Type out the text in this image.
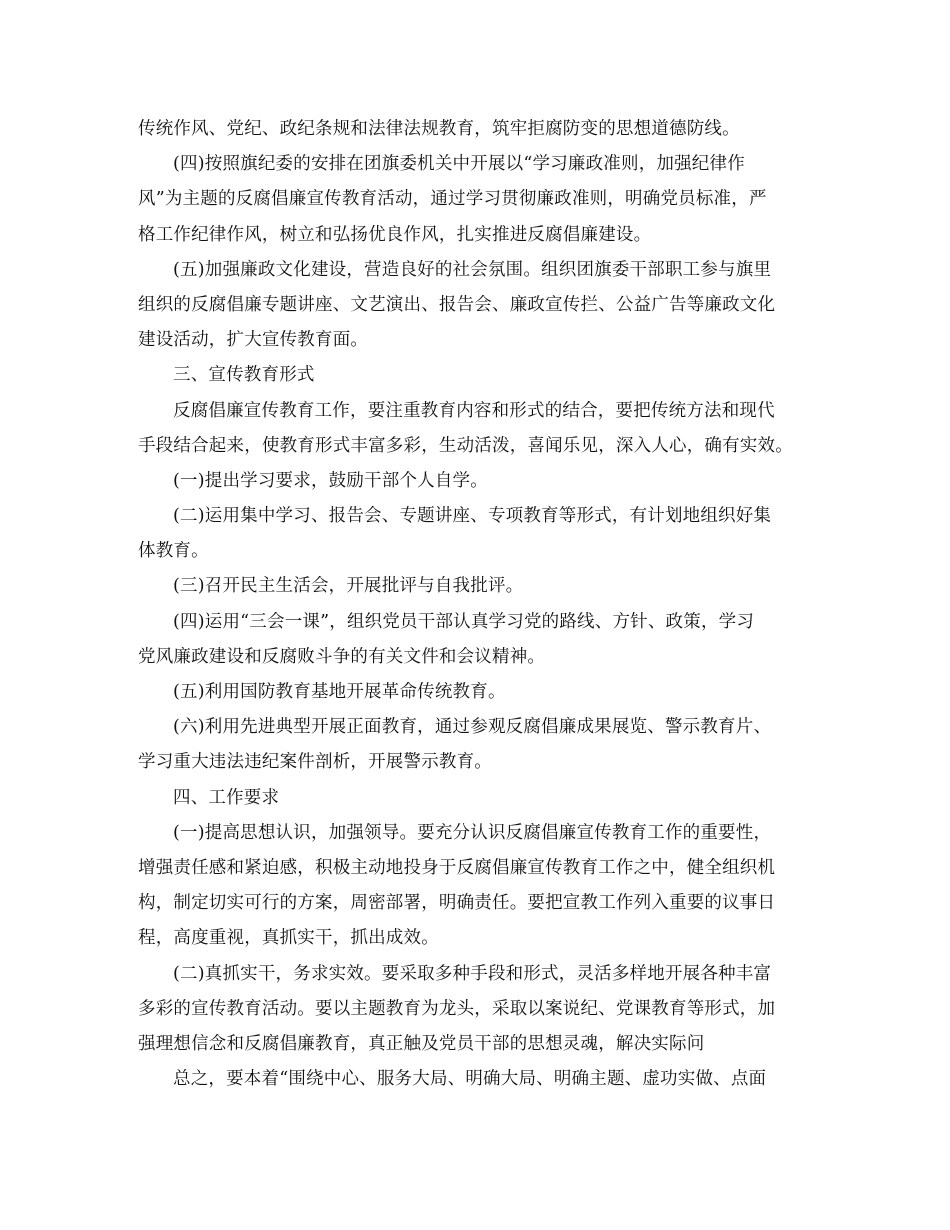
传统作风、党纪、政纪条规和法律法规教育，筑牢拒腐防变的思想道德防线。
(四)按照旗纪委的安排在团旗委机关中开展以“学习廉政准则，加强纪律作
风”为主题的反腐倡廉宣传教育活动，通过学习贯彻廉政准则，明确党员标准，严
格工作纪律作风，树立和弘扬优良作风，扎实推进反腐倡廉建设。
(五)加强廉政文化建设，营造良好的社会氛围。组织团旗委干部职工参与旗里
组织的反腐倡廉专题讲座、文艺演出、报告会、廉政宣传拦、公益广告等廉政文化
建设活动，扩大宣传教育面。
三、宣传教育形式
反腐倡廉宣传教育工作，要注重教育内容和形式的结合，要把传统方法和现代
手段结合起来，使教育形式丰富多彩，生动活泼，喜闻乐见，深入人心，确有实效。
(一)提出学习要求，鼓励干部个人自学。
(二)运用集中学习、报告会、专题讲座、专项教育等形式，有计划地组织好集
体教育。
(三)召开民主生活会，开展批评与自我批评。
(四)运用“三会一课”，组织党员干部认真学习党的路线、方针、政策，学习
党风廉政建设和反腐败斗争的有关文件和会议精神。
(五)利用国防教育基地开展革命传统教育。
(六)利用先进典型开展正面教育，通过参观反腐倡廉成果展览、警示教育片、
学习重大违法违纪案件剖析，开展警示教育。
四、工作要求
(一)提高思想认识，加强领导。要充分认识反腐倡廉宣传教育工作的重要性，
增强责任感和紧迫感，积极主动地投身于反腐倡廉宣传教育工作之中，健全组织机
构，制定切实可行的方案，周密部署，明确责任。要把宣教工作列入重要的议事日
程，高度重视，真抓实干，抓出成效。
(二)真抓实干，务求实效。要采取多种手段和形式，灵活多样地开展各种丰富
多彩的宣传教育活动。要以主题教育为龙头，采取以案说纪、党课教育等形式，加
强理想信念和反腐倡廉教育，真正触及党员干部的思想灵魂，解决实际问
总之，要本着“围绕中心、服务大局、明确大局、明确主题、虚功实做、点面
